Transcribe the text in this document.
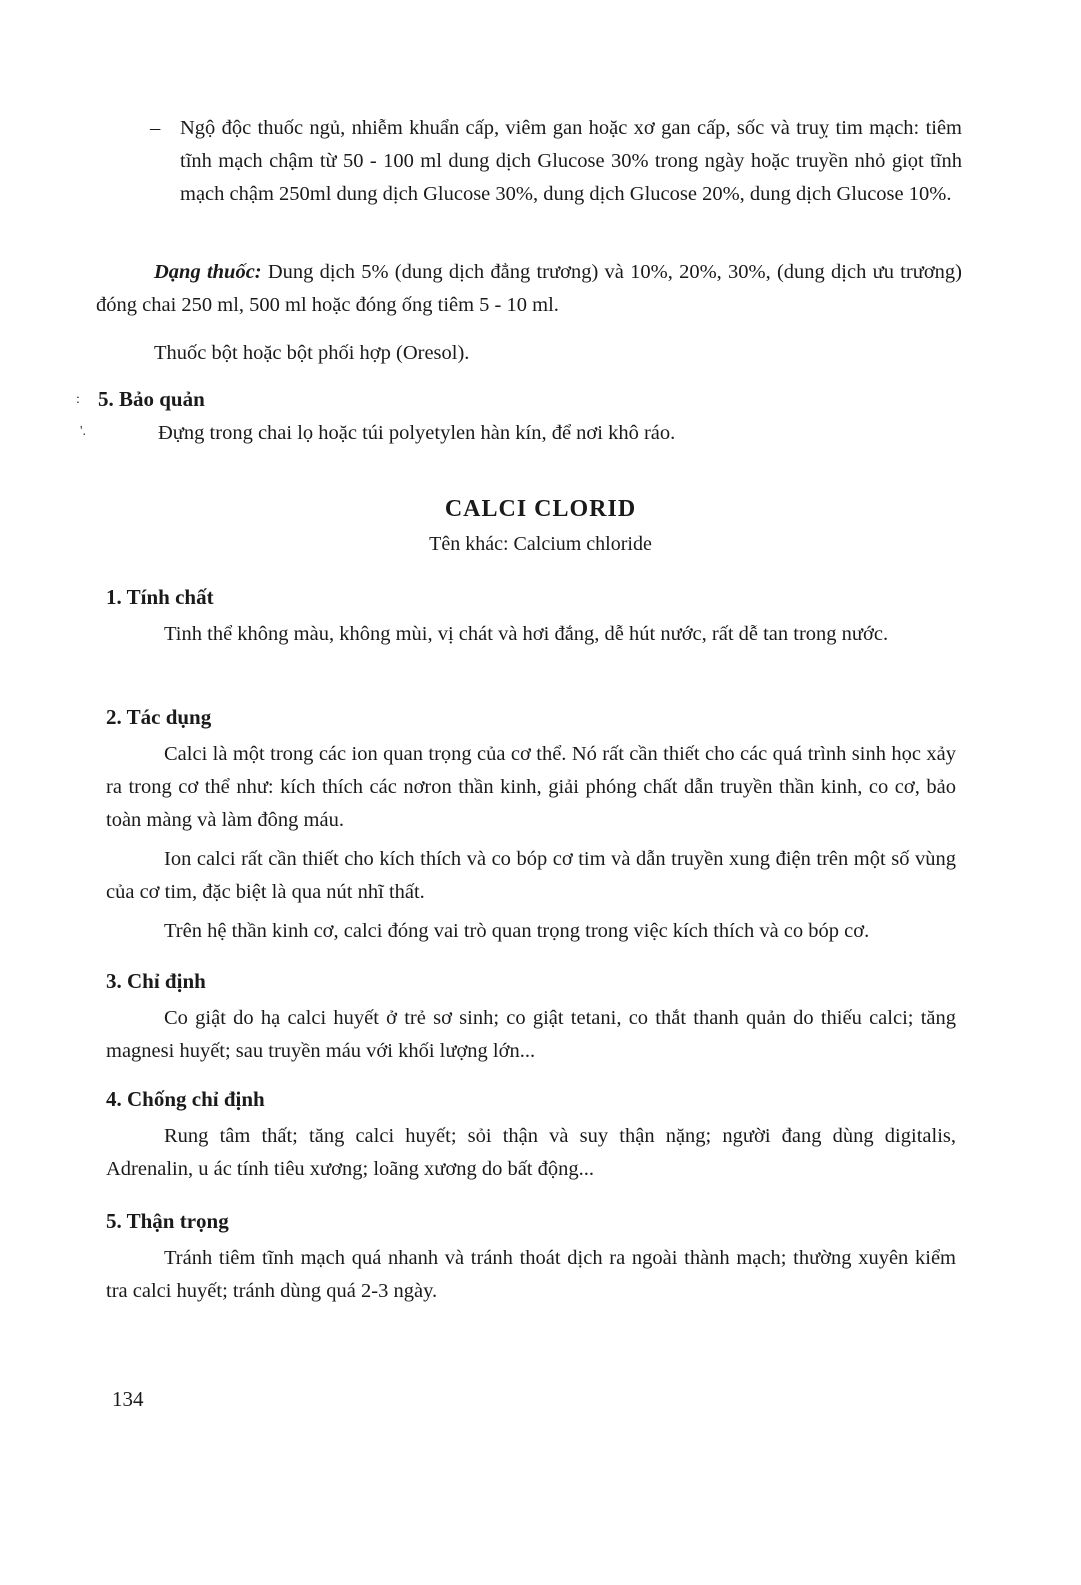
– Ngộ độc thuốc ngủ, nhiễm khuẩn cấp, viêm gan hoặc xơ gan cấp, sốc và truỵ tim mạch: tiêm tĩnh mạch chậm từ 50 - 100 ml dung dịch Glucose 30% trong ngày hoặc truyền nhỏ giọt tĩnh mạch chậm 250ml dung dịch Glucose 30%, dung dịch Glucose 20%, dung dịch Glucose 10%.

Dạng thuốc: Dung dịch 5% (dung dịch đẳng trương) và 10%, 20%, 30%, (dung dịch ưu trương) đóng chai 250 ml, 500 ml hoặc đóng ống tiêm 5 - 10 ml.

Thuốc bột hoặc bột phối hợp (Oresol).

:
'.
5. Bảo quản

Đựng trong chai lọ hoặc túi polyetylen hàn kín, để nơi khô ráo.

CALCI CLORID

Tên khác: Calcium chloride

1. Tính chất

Tinh thể không màu, không mùi, vị chát và hơi đắng, dễ hút nước, rất dễ tan trong nước.

2. Tác dụng

Calci là một trong các ion quan trọng của cơ thể. Nó rất cần thiết cho các quá trình sinh học xảy ra trong cơ thể như: kích thích các nơron thần kinh, giải phóng chất dẫn truyền thần kinh, co cơ, bảo toàn màng và làm đông máu.

Ion calci rất cần thiết cho kích thích và co bóp cơ tim và dẫn truyền xung điện trên một số vùng của cơ tim, đặc biệt là qua nút nhĩ thất.

Trên hệ thần kinh cơ, calci đóng vai trò quan trọng trong việc kích thích và co bóp cơ.

3. Chỉ định

Co giật do hạ calci huyết ở trẻ sơ sinh; co giật tetani, co thắt thanh quản do thiếu calci; tăng magnesi huyết; sau truyền máu với khối lượng lớn...

4. Chống chỉ định

Rung tâm thất; tăng calci huyết; sỏi thận và suy thận nặng; người đang dùng digitalis, Adrenalin, u ác tính tiêu xương; loãng xương do bất động...

5. Thận trọng

Tránh tiêm tĩnh mạch quá nhanh và tránh thoát dịch ra ngoài thành mạch; thường xuyên kiểm tra calci huyết; tránh dùng quá 2-3 ngày.

134
